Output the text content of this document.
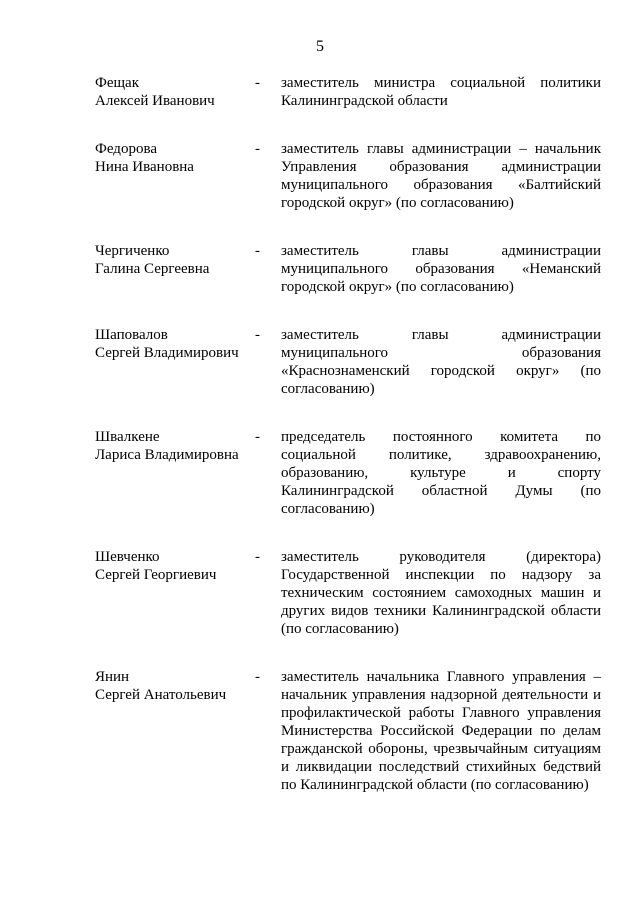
5
Фещак
Алексей Иванович
-	заместитель министра социальной политики Калининградской области
Федорова
Нина Ивановна
-	заместитель главы администрации – начальник Управления образования администрации муниципального образования «Балтийский городской округ» (по согласованию)
Чергиченко
Галина Сергеевна
-	заместитель главы администрации муниципального образования «Неманский городской округ» (по согласованию)
Шаповалов
Сергей Владимирович
-	заместитель главы администрации муниципального образования «Краснознаменский городской округ» (по согласованию)
Швалкене
Лариса Владимировна
-	председатель постоянного комитета по социальной политике, здравоохранению, образованию, культуре и спорту Калининградской областной Думы (по согласованию)
Шевченко
Сергей Георгиевич
-	заместитель руководителя (директора) Государственной инспекции по надзору за техническим состоянием самоходных машин и других видов техники Калининградской области (по согласованию)
Янин
Сергей Анатольевич
-	заместитель начальника Главного управления – начальник управления надзорной деятельности и профилактической работы Главного управления Министерства Российской Федерации по делам гражданской обороны, чрезвычайным ситуациям и ликвидации последствий стихийных бедствий по Калининградской области (по согласованию)
